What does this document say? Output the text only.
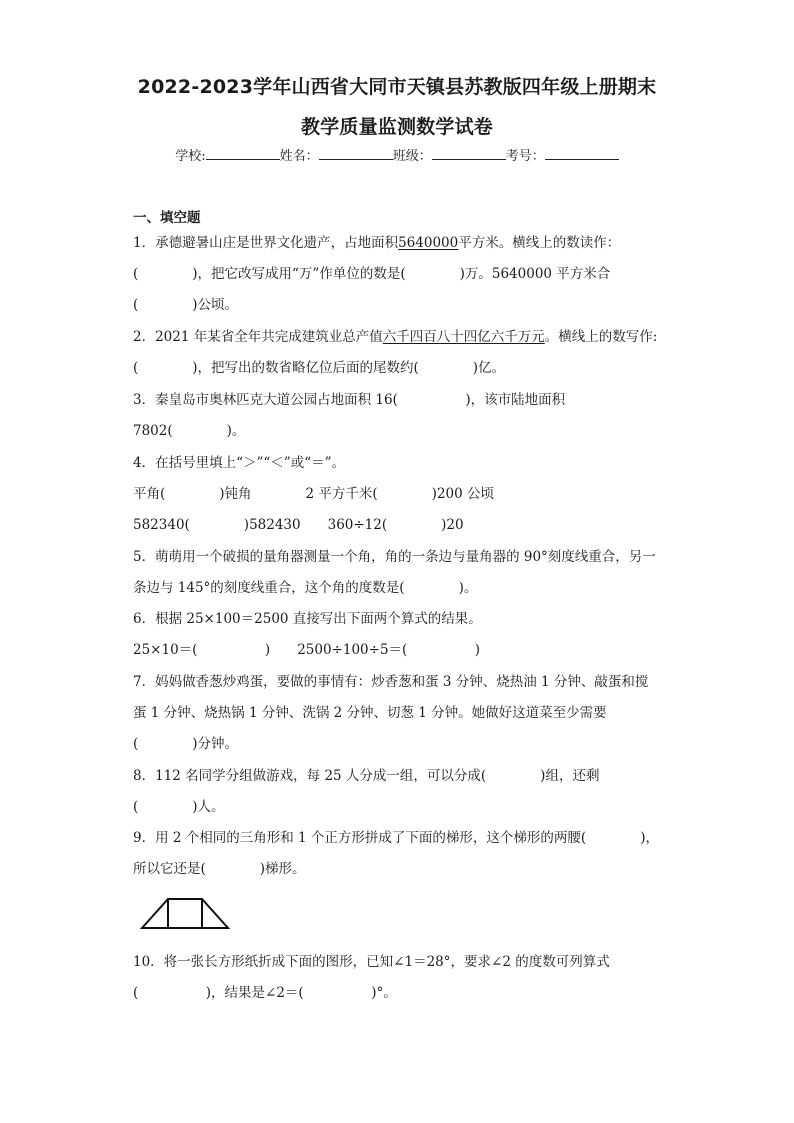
2022-2023学年山西省大同市天镇县苏教版四年级上册期末
教学质量监测数学试卷
学校:	姓名：	班级：	考号：
一、填空题
1．承德避暑山庄是世界文化遗产，占地面积5640000平方米。横线上的数读作：
(　　　　)，把它改写成用“万”作单位的数是(　　　　)万。5640000 平方米合
(　　　　)公顷。
2．2021 年某省全年共完成建筑业总产值六千四百八十四亿六千万元。横线上的数写作:
(　　　　)，把写出的数省略亿位后面的尾数约(　　　　)亿。
3．秦皇岛市奥林匹克大道公园占地面积 16(　　　　　)，该市陆地面积
7802(　　　　)。
4．在括号里填上“＞”“＜”或“＝”。
平角(　　　　)钝角　　　　2 平方千米(　　　　)200 公顷
582340(　　　　)582430　　360÷12(　　　　)20
5．萌萌用一个破损的量角器测量一个角，角的一条边与量角器的 90°刻度线重合，另一
条边与 145°的刻度线重合，这个角的度数是(　　　　)。
6．根据 25×100＝2500 直接写出下面两个算式的结果。
25×10＝(　　　　　)　　2500÷100÷5＝(　　　　　)
7．妈妈做香葱炒鸡蛋，要做的事情有：炒香葱和蛋 3 分钟、烧热油 1 分钟、敲蛋和搅
蛋 1 分钟、烧热锅 1 分钟、洗锅 2 分钟、切葱 1 分钟。她做好这道菜至少需要
(　　　　)分钟。
8．112 名同学分组做游戏，每 25 人分成一组，可以分成(　　　　)组，还剩
(　　　　)人。
9．用 2 个相同的三角形和 1 个正方形拼成了下面的梯形，这个梯形的两腰(　　　　)，
所以它还是(　　　　)梯形。
10．将一张长方形纸折成下面的图形，已知∠1＝28°，要求∠2 的度数可列算式
(　　　　　)，结果是∠2＝(　　　　　)°。
